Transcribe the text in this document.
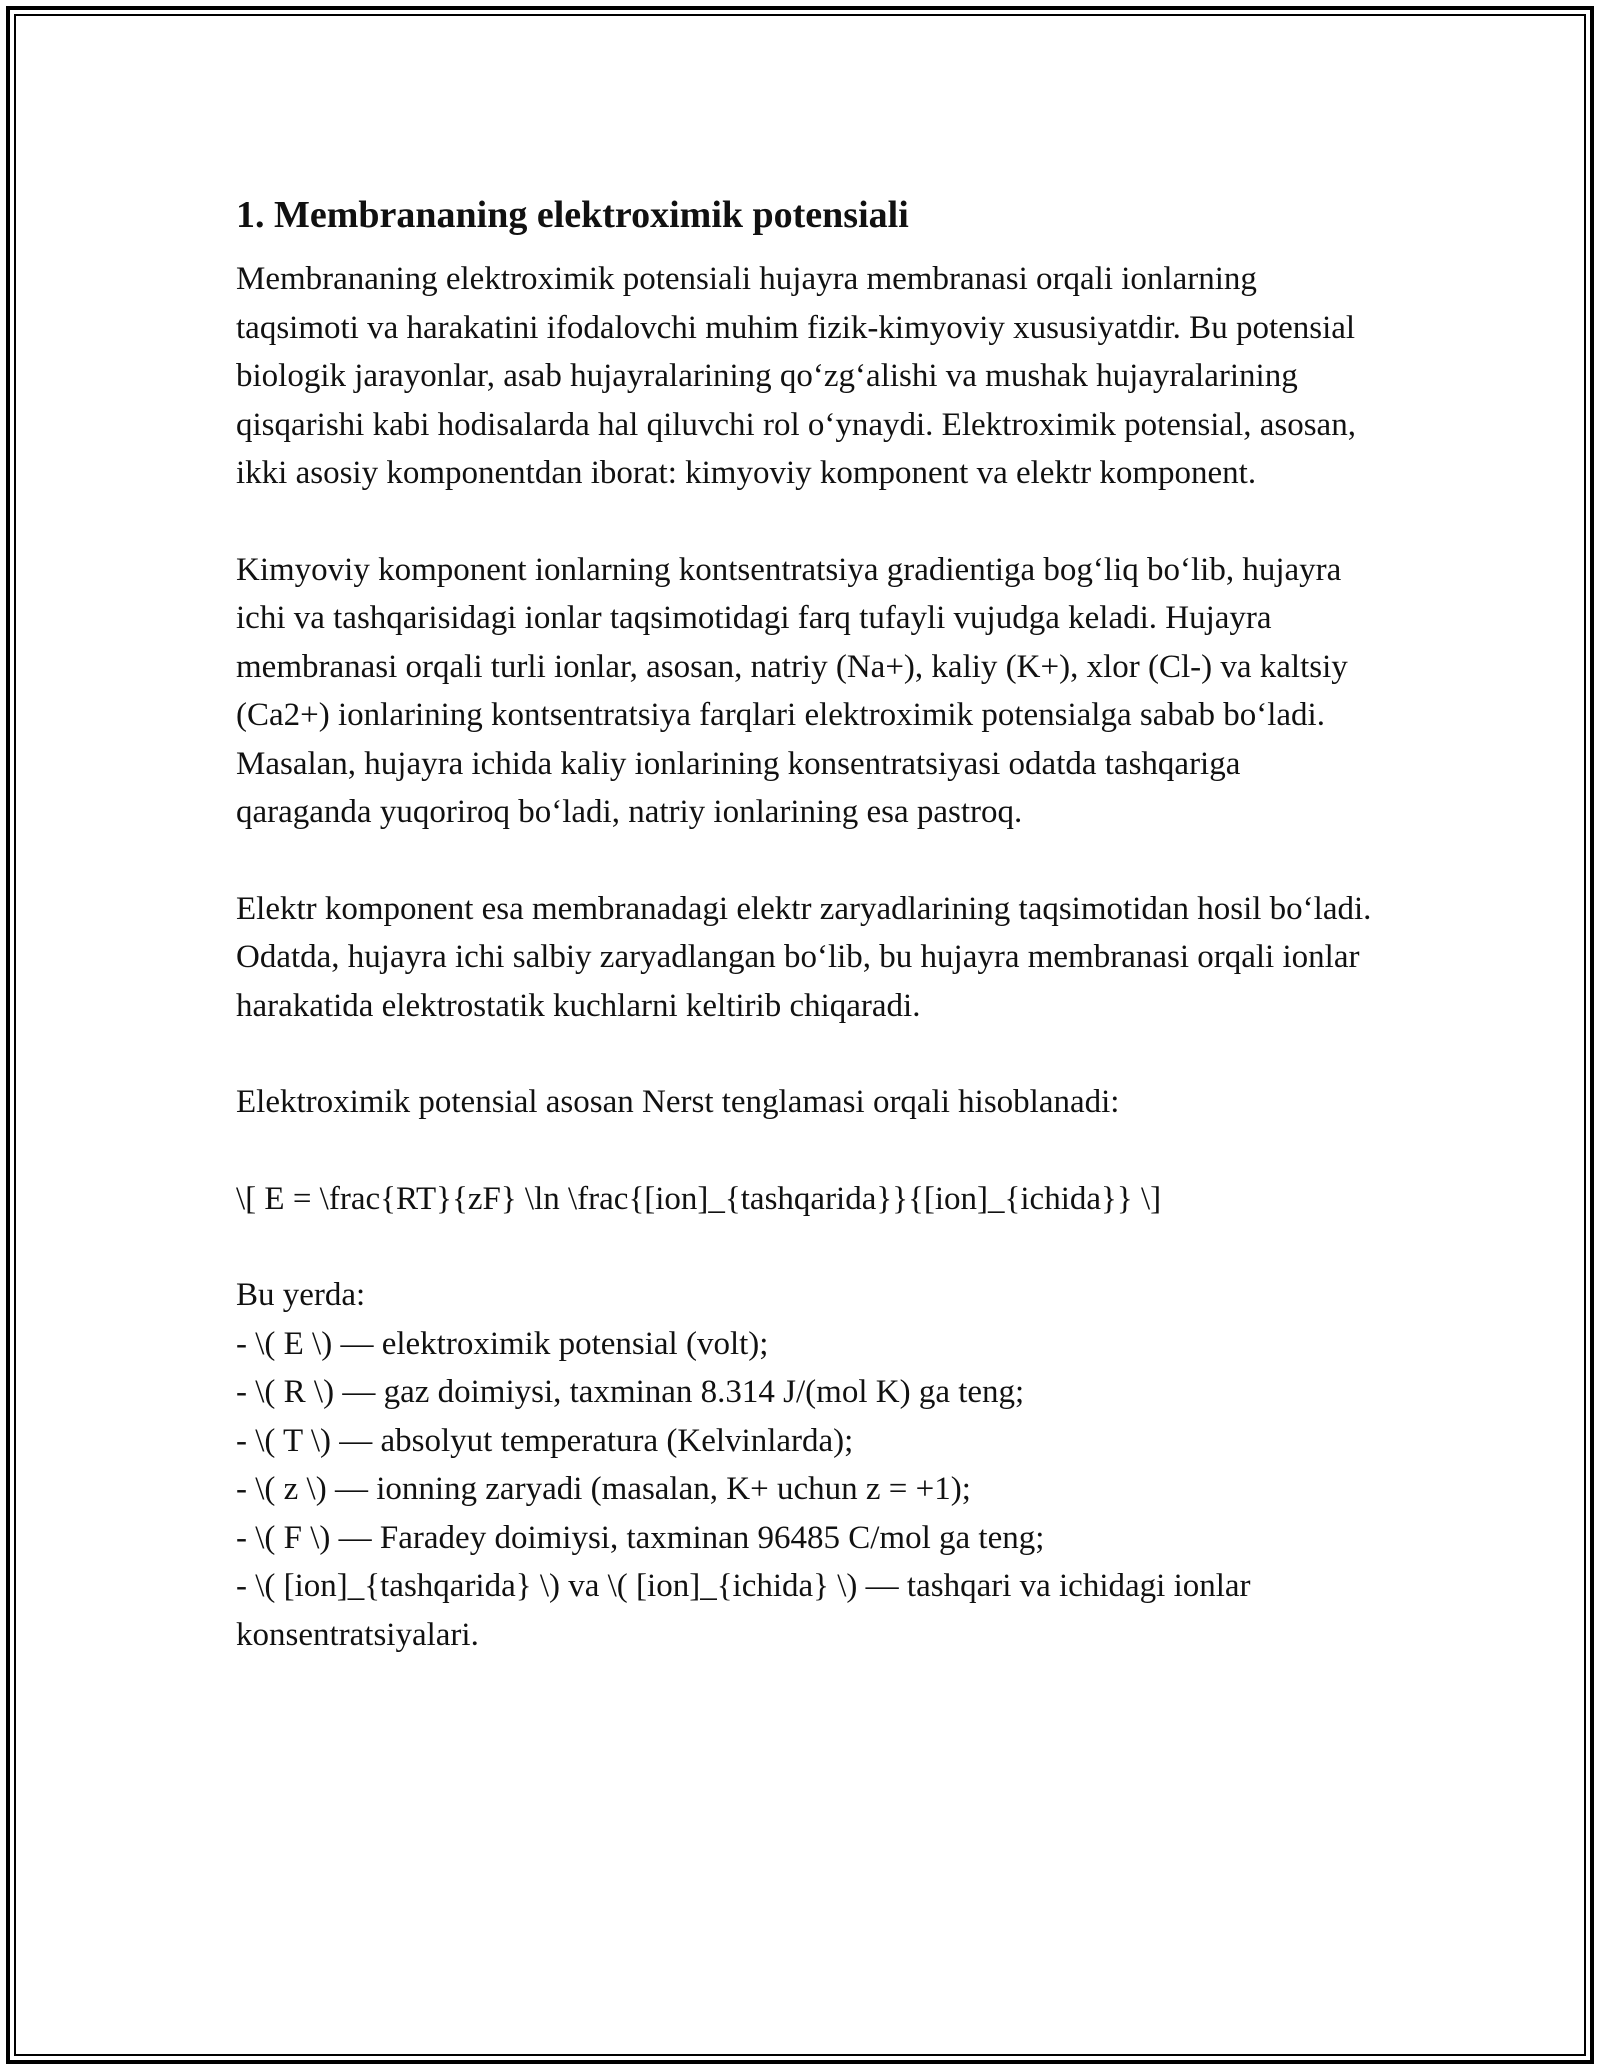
1. Membrananing elektroximik potensiali

Membrananing elektroximik potensiali hujayra membranasi orqali ionlarning taqsimoti va harakatini ifodalovchi muhim fizik-kimyoviy xususiyatdir. Bu potensial biologik jarayonlar, asab hujayralarining qo‘zg‘alishi va mushak hujayralarining qisqarishi kabi hodisalarda hal qiluvchi rol o‘ynaydi. Elektroximik potensial, asosan, ikki asosiy komponentdan iborat: kimyoviy komponent va elektr komponent.

Kimyoviy komponent ionlarning kontsentratsiya gradientiga bog‘liq bo‘lib, hujayra ichi va tashqarisidagi ionlar taqsimotidagi farq tufayli vujudga keladi. Hujayra membranasi orqali turli ionlar, asosan, natriy (Na+), kaliy (K+), xlor (Cl-) va kaltsiy (Ca2+) ionlarining kontsentratsiya farqlari elektroximik potensialga sabab bo‘ladi. Masalan, hujayra ichida kaliy ionlarining konsentratsiyasi odatda tashqariga qaraganda yuqoriroq bo‘ladi, natriy ionlarining esa pastroq.

Elektr komponent esa membranadagi elektr zaryadlarining taqsimotidan hosil bo‘ladi. Odatda, hujayra ichi salbiy zaryadlangan bo‘lib, bu hujayra membranasi orqali ionlar harakatida elektrostatik kuchlarni keltirib chiqaradi.

Elektroximik potensial asosan Nerst tenglamasi orqali hisoblanadi:

\[ E = \frac{RT}{zF} \ln \frac{[ion]_{tashqarida}}{[ion]_{ichida}} \]

Bu yerda:
- \( E \) — elektroximik potensial (volt);
- \( R \) — gaz doimiysi, taxminan 8.314 J/(mol K) ga teng;
- \( T \) — absolyut temperatura (Kelvinlarda);
- \( z \) — ionning zaryadi (masalan, K+ uchun z = +1);
- \( F \) — Faradey doimiysi, taxminan 96485 C/mol ga teng;
- \( [ion]_{tashqarida} \) va \( [ion]_{ichida} \) — tashqari va ichidagi ionlar konsentratsiyalari.
